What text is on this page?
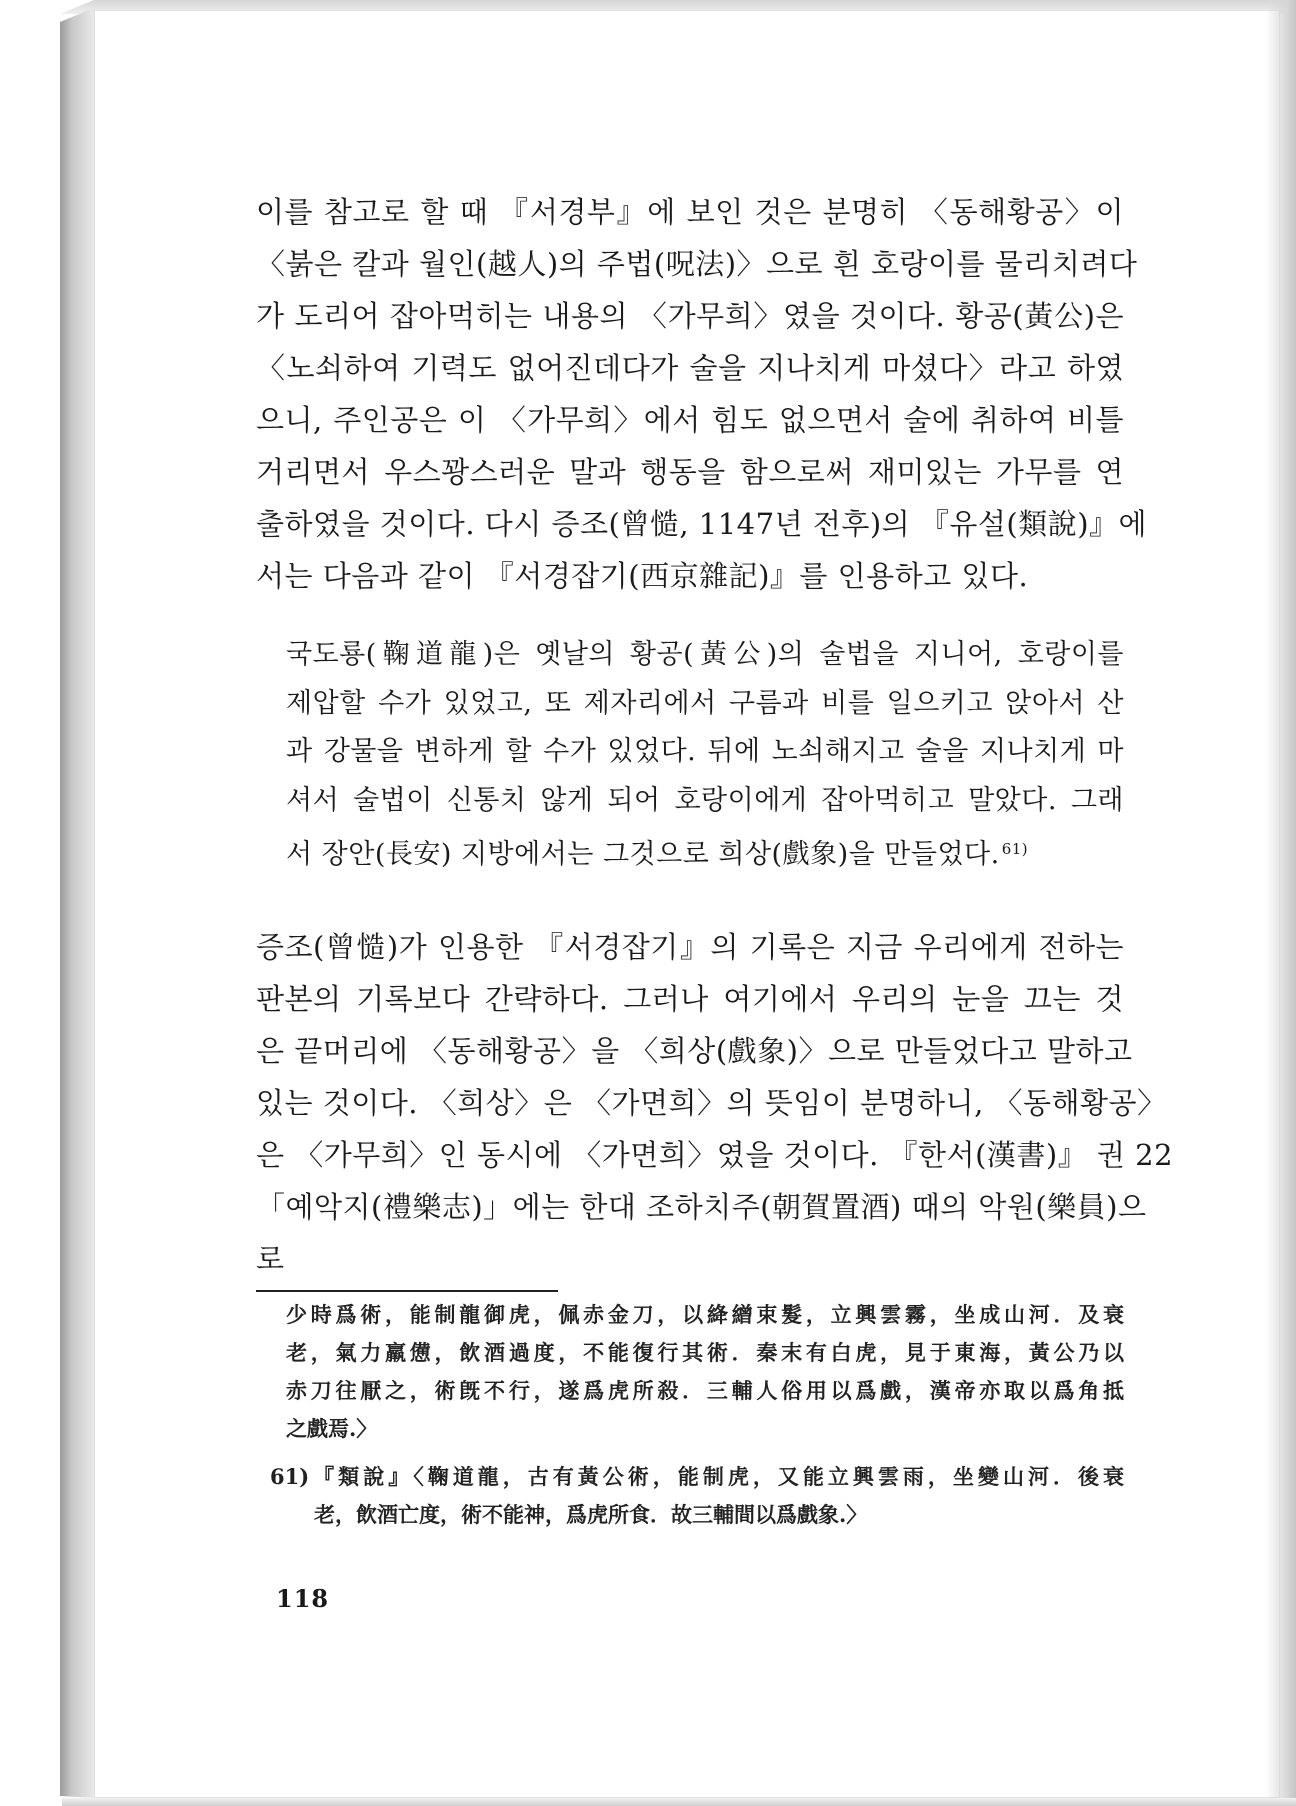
이를 참고로 할 때 『서경부』에 보인 것은 분명히 〈동해황공〉이
〈붉은 칼과 월인(越人)의 주법(呪法)〉으로 흰 호랑이를 물리치려다
가 도리어 잡아먹히는 내용의 〈가무희〉였을 것이다. 황공(黃公)은
〈노쇠하여 기력도 없어진데다가 술을 지나치게 마셨다〉라고 하였
으니, 주인공은 이 〈가무희〉에서 힘도 없으면서 술에 취하여 비틀
거리면서 우스꽝스러운 말과 행동을 함으로써 재미있는 가무를 연
출하였을 것이다. 다시 증조(曾慥, 1147년 전후)의 『유설(類說)』에
서는 다음과 같이 『서경잡기(西京雜記)』를 인용하고 있다.
국도룡(鞠道龍)은 옛날의 황공(黃公)의 술법을 지니어, 호랑이를
제압할 수가 있었고, 또 제자리에서 구름과 비를 일으키고 앉아서 산
과 강물을 변하게 할 수가 있었다. 뒤에 노쇠해지고 술을 지나치게 마
셔서 술법이 신통치 않게 되어 호랑이에게 잡아먹히고 말았다. 그래
서 장안(長安) 지방에서는 그것으로 희상(戲象)을 만들었다. $^{61)}$
증조(曾慥)가 인용한 『서경잡기』의 기록은 지금 우리에게 전하는
판본의 기록보다 간략하다. 그러나 여기에서 우리의 눈을 끄는 것
은 끝머리에 〈동해황공〉을 〈희상(戲象)〉으로 만들었다고 말하고
있는 것이다. 〈희상〉은 〈가면희〉의 뜻임이 분명하니, 〈동해황공〉
은 〈가무희〉인 동시에 〈가면희〉였을 것이다. 『한서(漢書)』 권 22
「예악지(禮樂志)」에는 한대 조하치주(朝賀置酒) 때의 악원(樂員)으
로
少時爲術，能制龍御虎，佩赤金刀，以絳繒束髮，立興雲霧，坐成山河．及衰
老，氣力羸憊，飲酒過度，不能復行其術．秦末有白虎，見于東海，黃公乃以
赤刀往厭之，術旣不行，遂爲虎所殺．三輔人俗用以爲戲，漢帝亦取以爲角抵
之戲焉.〉
61)『類說』〈鞠道龍，古有黃公術，能制虎，又能立興雲雨，坐變山河．後衰
老，飲酒亡度，術不能神，爲虎所食．故三輔間以爲戲象.〉
118
